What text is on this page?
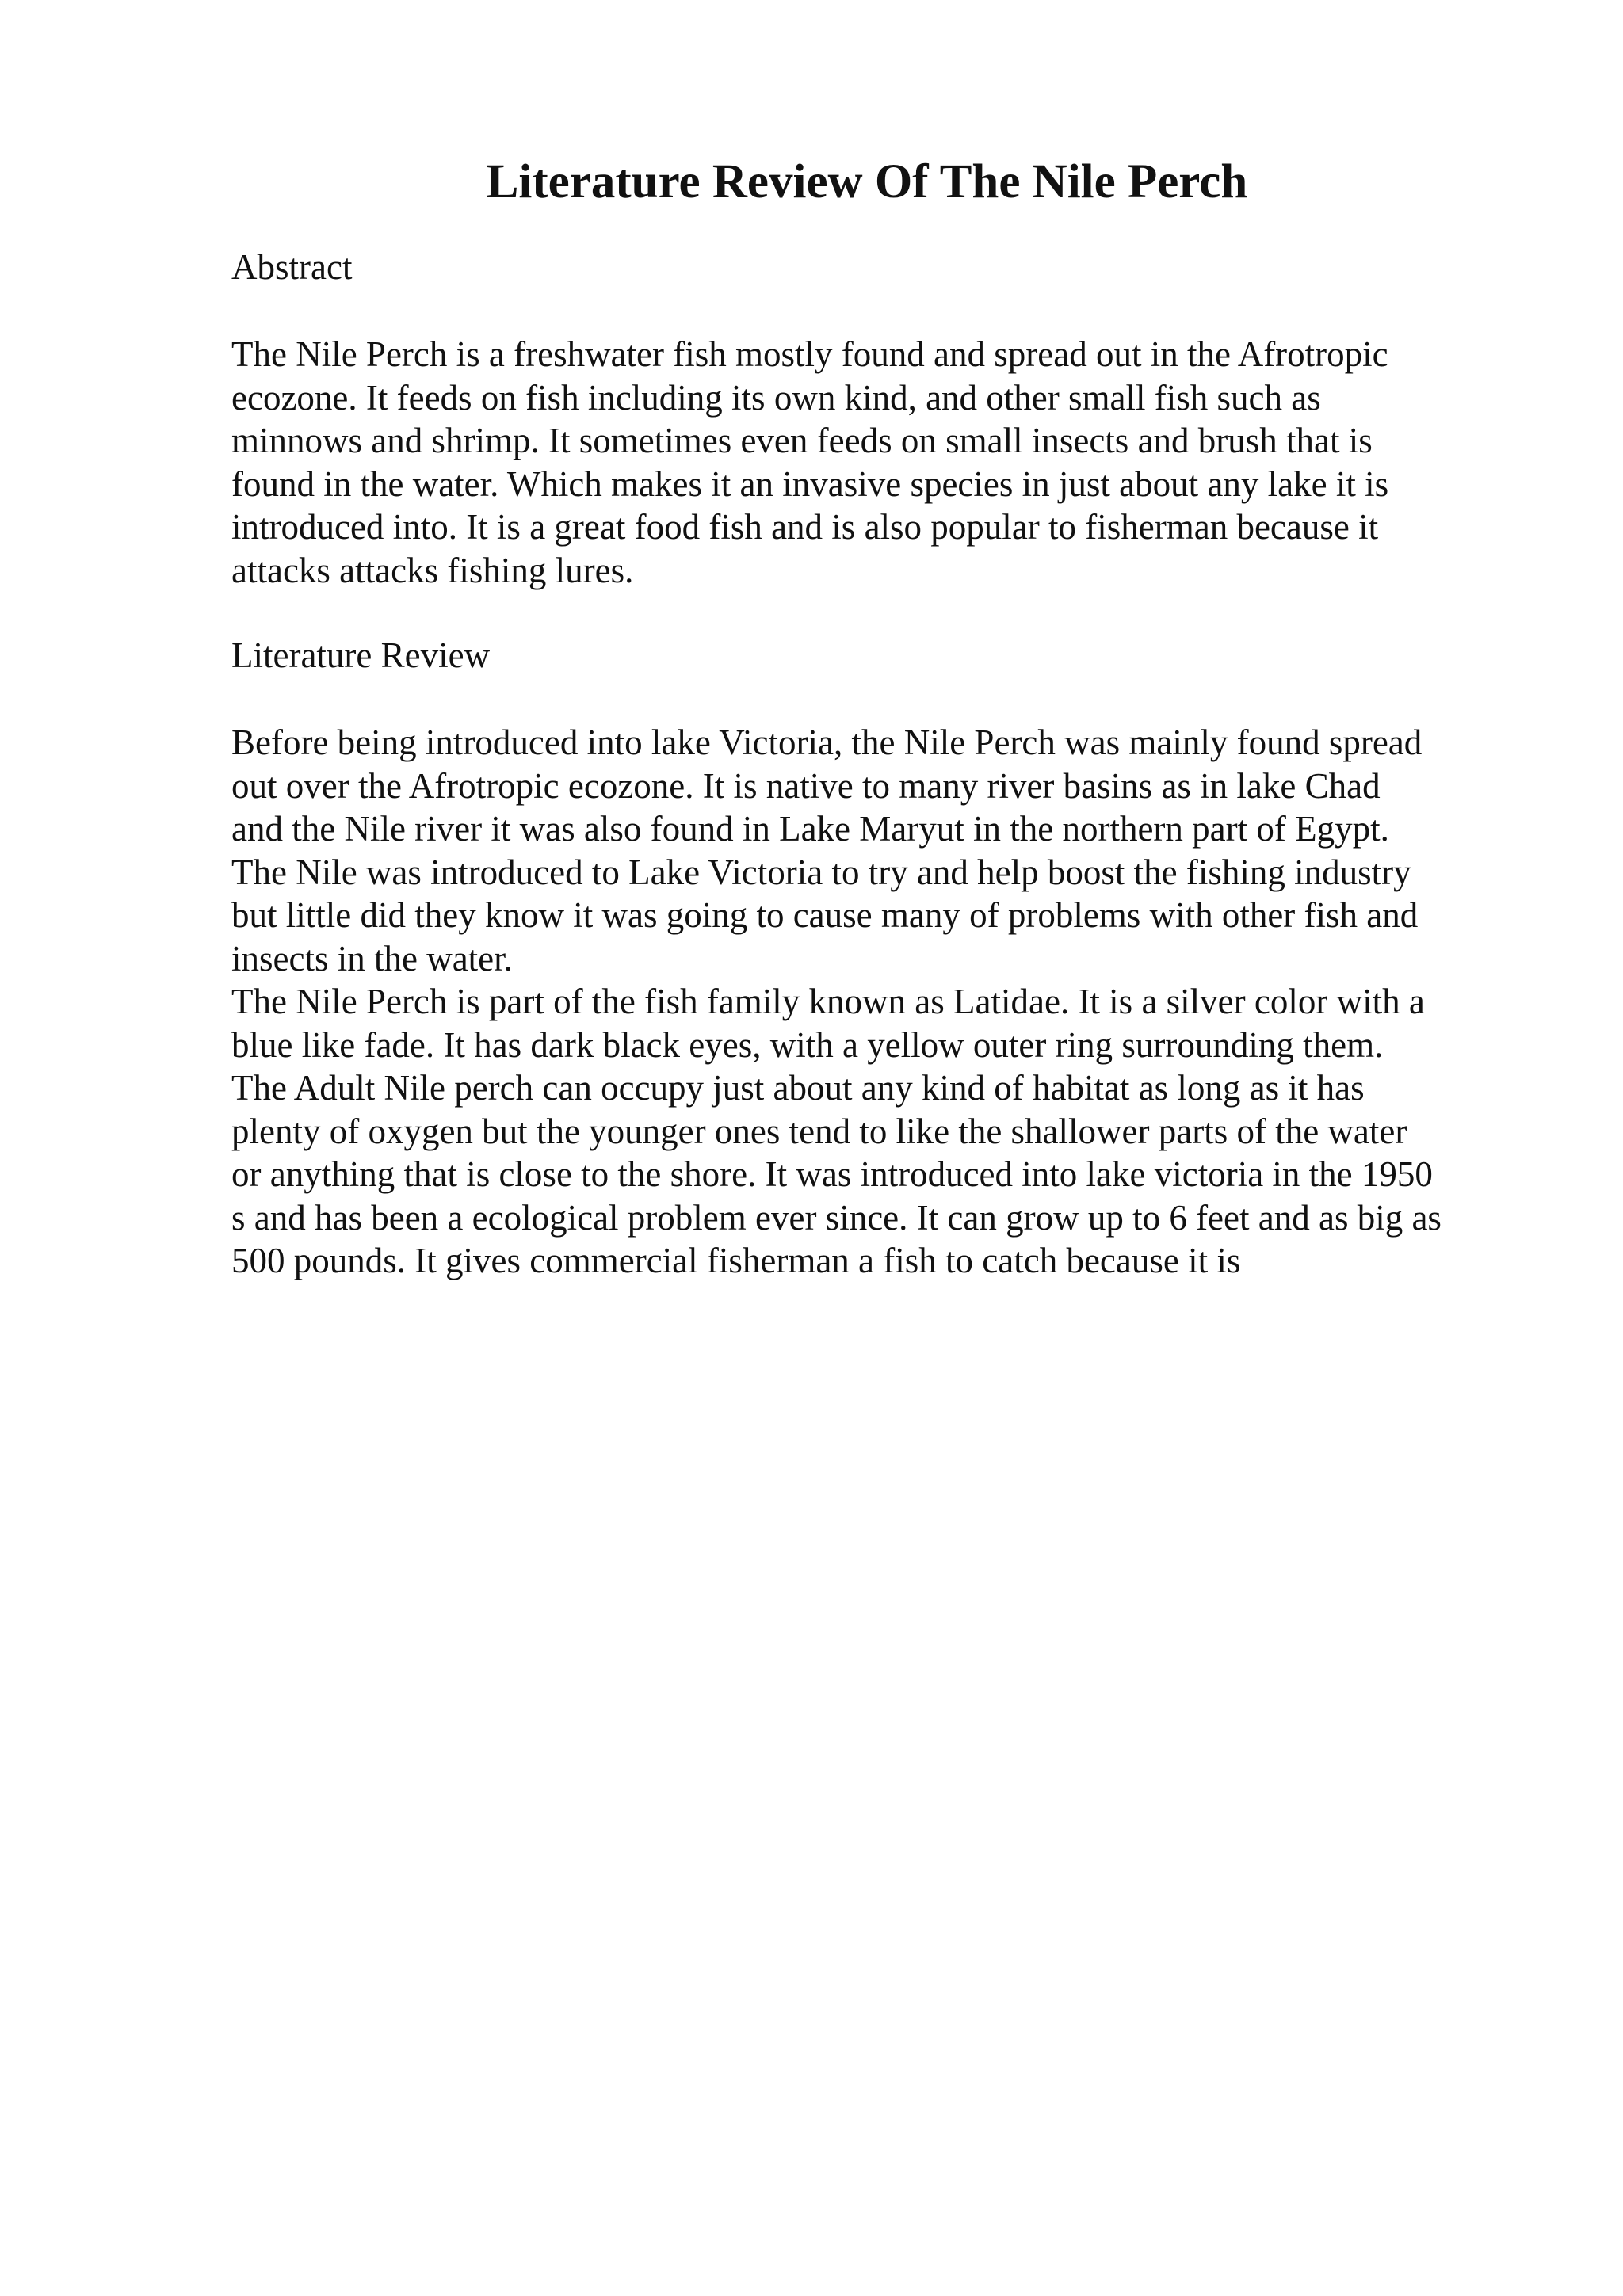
Literature Review Of The Nile Perch

Abstract

The Nile Perch is a freshwater fish mostly found and spread out in the Afrotropic
ecozone. It feeds on fish including its own kind, and other small fish such as
minnows and shrimp. It sometimes even feeds on small insects and brush that is
found in the water. Which makes it an invasive species in just about any lake it is
introduced into. It is a great food fish and is also popular to fisherman because it
attacks attacks fishing lures.

Literature Review

Before being introduced into lake Victoria, the Nile Perch was mainly found spread
out over the Afrotropic ecozone. It is native to many river basins as in lake Chad
and the Nile river it was also found in Lake Maryut in the northern part of Egypt.
The Nile was introduced to Lake Victoria to try and help boost the fishing industry
but little did they know it was going to cause many of problems with other fish and
insects in the water.
The Nile Perch is part of the fish family known as Latidae. It is a silver color with a
blue like fade. It has dark black eyes, with a yellow outer ring surrounding them.
The Adult Nile perch can occupy just about any kind of habitat as long as it has
plenty of oxygen but the younger ones tend to like the shallower parts of the water
or anything that is close to the shore. It was introduced into lake victoria in the 1950
s and has been a ecological problem ever since. It can grow up to 6 feet and as big as
500 pounds. It gives commercial fisherman a fish to catch because it is
